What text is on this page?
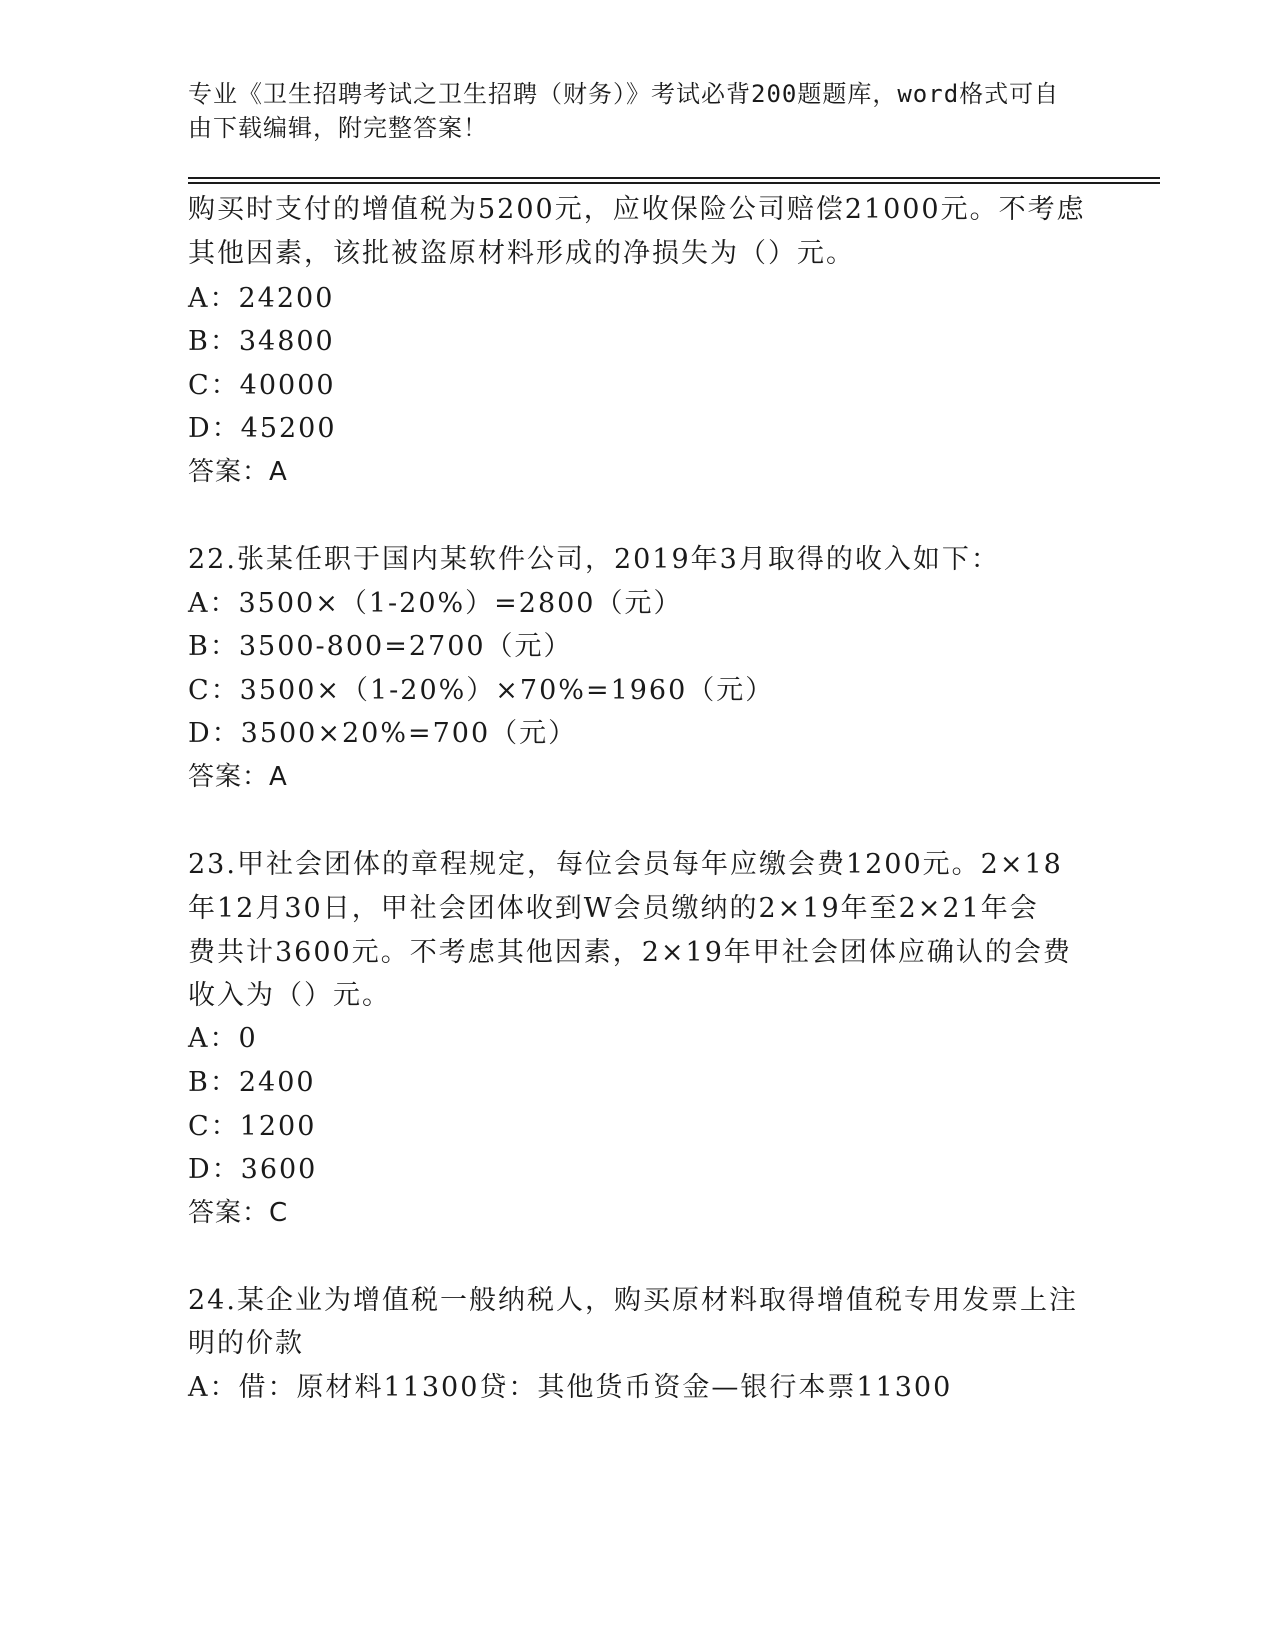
专业《卫生招聘考试之卫生招聘（财务）》考试必背200题题库，word格式可自
由下载编辑，附完整答案！
购买时支付的增值税为5200元，应收保险公司赔偿21000元。不考虑
其他因素，该批被盗原材料形成的净损失为（）元。
A：24200
B：34800
C：40000
D：45200
答案：A
22.张某任职于国内某软件公司，2019年3月取得的收入如下：
A：3500×（1-20%）=2800（元）
B：3500-800=2700（元）
C：3500×（1-20%）×70%=1960（元）
D：3500×20%=700（元）
答案：A
23.甲社会团体的章程规定，每位会员每年应缴会费1200元。2×18
年12月30日，甲社会团体收到W会员缴纳的2×19年至2×21年会
费共计3600元。不考虑其他因素，2×19年甲社会团体应确认的会费
收入为（）元。
A：0
B：2400
C：1200
D：3600
答案：C
24.某企业为增值税一般纳税人，购买原材料取得增值税专用发票上注
明的价款
A：借：原材料11300贷：其他货币资金—银行本票11300
